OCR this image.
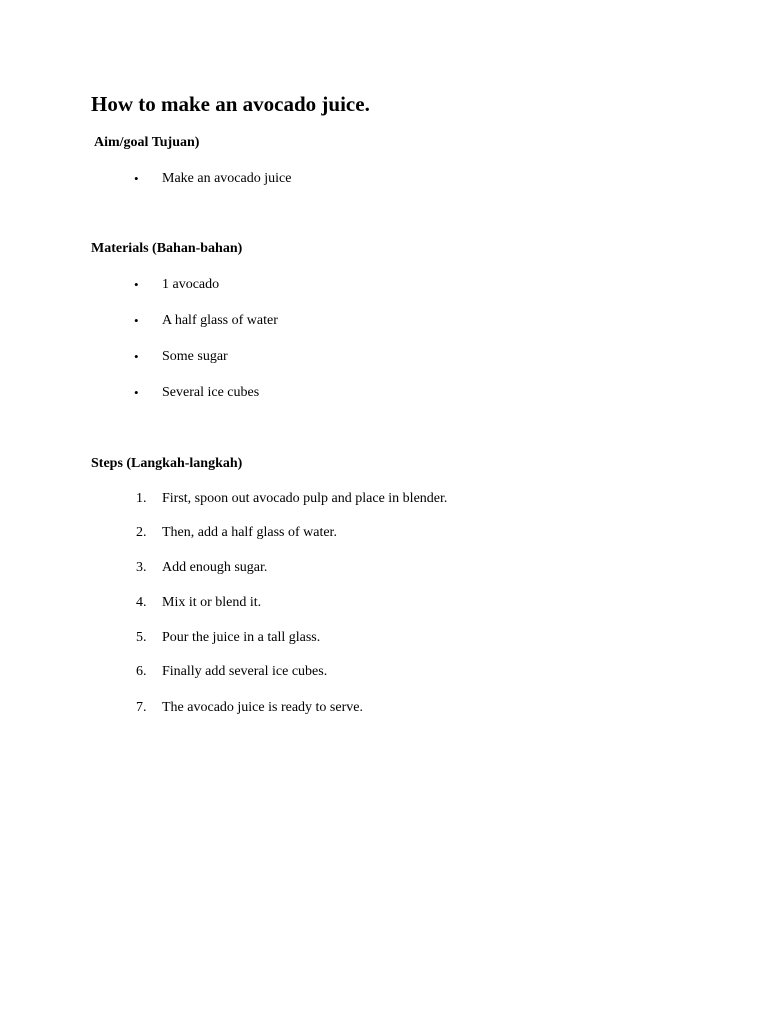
How to make an avocado juice.
Aim/goal Tujuan)
• Make an avocado juice
Materials (Bahan-bahan)
• 1 avocado
• A half glass of water
• Some sugar
• Several ice cubes
Steps (Langkah-langkah)
1. First, spoon out avocado pulp and place in blender.
2. Then, add a half glass of water.
3. Add enough sugar.
4. Mix it or blend it.
5. Pour the juice in a tall glass.
6. Finally add several ice cubes.
7. The avocado juice is ready to serve.
